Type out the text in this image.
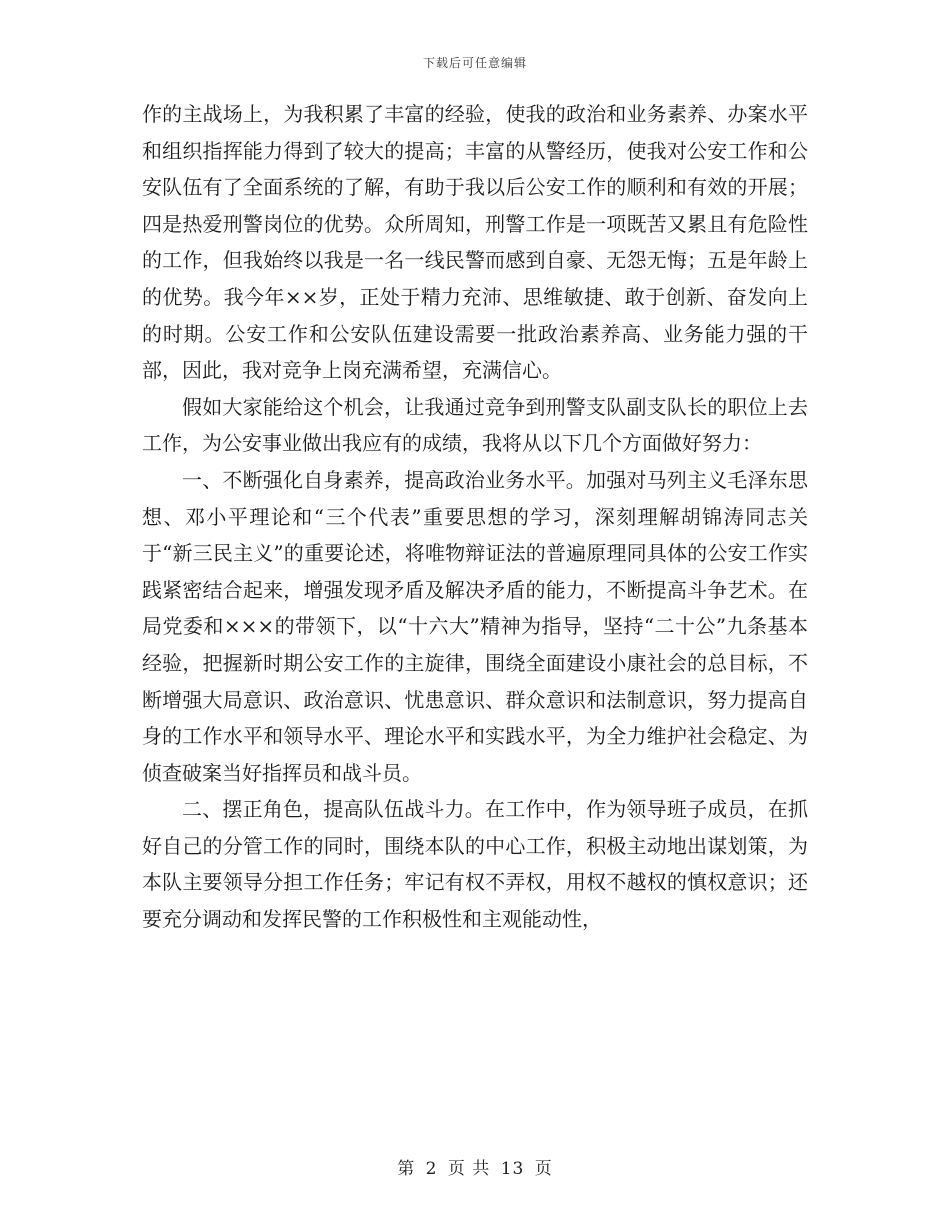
下载后可任意编辑

作的主战场上，为我积累了丰富的经验，使我的政治和业务素养、办案水平和组织指挥能力得到了较大的提高；丰富的从警经历，使我对公安工作和公安队伍有了全面系统的了解，有助于我以后公安工作的顺利和有效的开展；四是热爱刑警岗位的优势。众所周知，刑警工作是一项既苦又累且有危险性的工作，但我始终以我是一名一线民警而感到自豪、无怨无悔；五是年龄上的优势。我今年××岁，正处于精力充沛、思维敏捷、敢于创新、奋发向上的时期。公安工作和公安队伍建设需要一批政治素养高、业务能力强的干部，因此，我对竞争上岗充满希望，充满信心。

假如大家能给这个机会，让我通过竞争到刑警支队副支队长的职位上去工作，为公安事业做出我应有的成绩，我将从以下几个方面做好努力：

一、不断强化自身素养，提高政治业务水平。加强对马列主义毛泽东思想、邓小平理论和“三个代表”重要思想的学习，深刻理解胡锦涛同志关于“新三民主义”的重要论述，将唯物辩证法的普遍原理同具体的公安工作实践紧密结合起来，增强发现矛盾及解决矛盾的能力，不断提高斗争艺术。在局党委和×××的带领下，以“十六大”精神为指导，坚持“二十公”九条基本经验，把握新时期公安工作的主旋律，围绕全面建设小康社会的总目标，不断增强大局意识、政治意识、忧患意识、群众意识和法制意识，努力提高自身的工作水平和领导水平、理论水平和实践水平，为全力维护社会稳定、为侦查破案当好指挥员和战斗员。

二、摆正角色，提高队伍战斗力。在工作中，作为领导班子成员，在抓好自己的分管工作的同时，围绕本队的中心工作，积极主动地出谋划策，为本队主要领导分担工作任务；牢记有权不弄权，用权不越权的慎权意识；还要充分调动和发挥民警的工作积极性和主观能动性，

第 2 页 共 13 页
